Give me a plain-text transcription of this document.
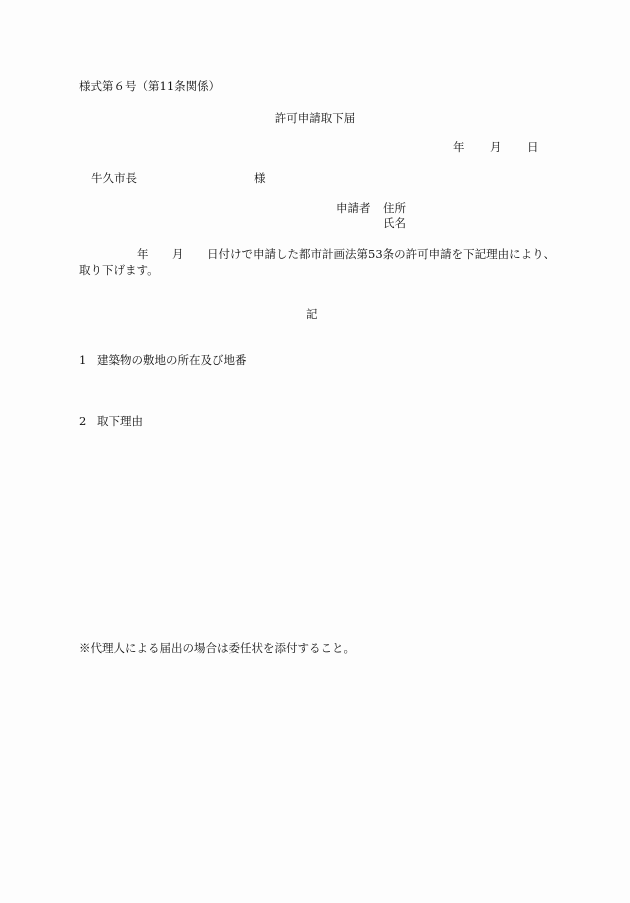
様式第６号（第11条関係）
許可申請取下届
年 月 日
牛久市長	様
申請者 住所
氏名
年 月 日付けで申請した都市計画法第53条の許可申請を下記理由により、
取り下げます。
記
1 建築物の敷地の所在及び地番
2 取下理由
※代理人による届出の場合は委任状を添付すること。
